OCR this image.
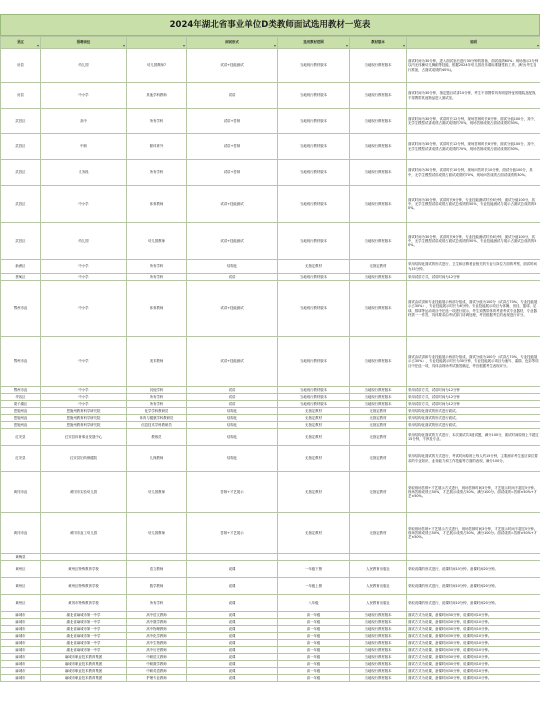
2024年湖北省事业单位D类教师面试选用教材一览表
县区	招聘岗位		面试形式	选用教材范围	教材版本	说明

房县	幼儿园	幼儿园教师7	试讲+技能测试	当地现行教材版本	当地现行教材版本	面试时间为30分钟，进入面试室后进行30分钟的准备，面试成绩60%；现场指示2分钟以内无体操幼儿舞蹈等技能，根据2024年幼儿园音乐课标准随堂收工作，满分(考生自行准备，占面试成绩的40%)。

房县	中小学	其他学科教师	试讲	当地现行教材版本	当地现行教材版本	面试时间为30分钟，指定题目试讲10分钟，考生不得携带具有明显特征的服装及配饰，不得携带其他物品进入面试室。

武昌区	高中	所有学科	试讲+答辩	当地现行教材版本	当地现行教材版本	面试时间为30分钟，试讲时长12分钟，现场答辩时长8分钟，面试分值100分，其中，无学生模型试讲成绩占面试成绩的70%，现场答辩成绩占面试成绩的30%。

武昌区	中职	除体育外	试讲+答辩	当地现行教材版本	当地现行教材版本	面试时间为30分钟，试讲时长12分钟，现场答辩时长8分钟，面试分值100分，其中，无学生模型试讲成绩占面试成绩的70%，现场答辩成绩占面试成绩的30%。

武昌区	义务段	所有学科	试讲+答辩	当地现行教材版本	当地现行教材版本	面试时间为30分钟，试讲时长10分钟，现场问答时长10分钟，面试分值100分，其中，无学生模型试讲成绩占面试成绩的70%，现场问答成绩占面试成绩的30%。

武昌区	中小学	体育教师	试讲+技能测试	当地现行教材版本	当地现行教材版本	面试时间为30分钟，试讲时长6分钟，专业技能测试时长6分钟，面试分值100分，其中，无学生模型试讲成绩占面试总成绩的50%，专业技能测试与展示占面试总成绩的50%。

武昌区	幼儿园	幼儿园教师	试讲+技能测试	当地现行教材版本	当地现行教材版本	面试时间为30分钟，试讲时长6分钟，专业技能测试时长6分钟，面试分值100分，其中，无学生模型试讲成绩占面试总成绩的50%，专业技能测试与展示占面试总成绩的50%。

新洲区	中小学	所有学科	结构化	无指定教材	无指定教材	采用结构化面试的形式进行，卫生和应聘者业相关的专业与岗位方面的考察，面试时间为15分钟。

蔡甸区	中小学	所有学科	试讲	当地现行教材版本	当地现行教材版本	采用试讲方式，试讲时间为12分钟

鄂州市直	中小学	体育教师	试讲+技能测试	当地现行教材版本	当地现行教材版本	面试由试讲和专业技能展示两部分组成，面试分值为100分（试讲占70%，专业技能展示占30%），专业技能展示时长为8分钟。专业技能展示项目为体操、田径、篮球、足球、排球等运动项目中任选一项进行展示，考生须携带体育考查考试专业器材，专业器材需一一作答，具体要求由考试部门协调处理，考官根据考生的表现进行评分。

鄂州市直	中小学	美术教师	试讲+技能测试	当地现行教材版本	当地现行教材版本	面试由试讲和专业技能展示两部分组成，面试分值为100分（试讲占70%，专业技能展示占30%），专业技能展示时长为30分钟，专业技能展示项目为速写、素描、色彩等项目中任选一项，具体由现场考试抽签确定，考官根据考生表现评分。

鄂州市直	中小学	其他学科	试讲	当地现行教材版本	当地现行教材版本	采用试讲方式，试讲时间为12分钟

华容区	中小学	所有学科	试讲	当地现行教材版本	当地现行教材版本	采用试讲方式，试讲时间为12分钟

梁子湖区	中小学	所有学科	试讲	当地现行教材版本	当地现行教材版本	采用试讲方式，试讲时间为12分钟

恩施州直	恩施州教育科学研究院	化学学科教研员	结构化	无指定教材	无指定教材	采用结构化面试的形式进行面试。

恩施州直	恩施州教育科学研究院	体育与健康学科教研员	结构化	无指定教材	无指定教材	采用结构化面试的形式进行面试。

恩施州直	恩施州教育科学研究院	信息技术学科教研员	结构化	无指定教材	无指定教材	采用结构化面试的形式进行面试。

红安县	红安县体育事业发展中心	教练员	结构化	无指定教材	无指定教材	采用结构化面试的方式进行，本次面试共3道试题，满分100分，面试时间原则上不超过15分钟，不涉及专业。

红安县	红安县妇幼保健院	儿保教师	结构化	无指定教材	无指定教材	采用结构化面试的方式进行，考试时间原则上每人约15分钟，主要测评考生适应岗位要求的专业知识、业务能力和工作技能等方面的表现，满分100分。

黄冈市直	黄冈市实验幼儿园	幼儿园教师	答辩+才艺展示	无指定教材	无指定教材	采取现场答辩+才艺展示方式进行，现场答辩时间3分钟，才艺展示时间不超过5分钟。现场答辩成绩占50%，才艺展示成绩占50%，满分100分。面试成绩=答辩×50%+才艺×50%。

黄冈市直	黄冈市直工幼儿园	幼儿园教师	答辩+才艺展示	无指定教材	无指定教材	采取现场答辩+才艺展示方式进行，现场答辩时间3分钟，才艺展示时间不超过5分钟。现场答辩成绩占50%，才艺展示成绩占50%，满分100分。面试成绩=答辩×50%+才艺×50%。

黄梅县						

黄州区	黄州区特殊教育学校	语文教师	说课	一年级下册	人民教育出版社	采取说课的形式进行，说课时间10分钟，备课时间20分钟。

黄州区	黄州区特殊教育学校	数学教师	说课	一年级上册	人民教育出版社	采取说课的形式进行，说课时间10分钟，备课时间20分钟。

黄州区	黄冈市特殊教育学校	所有学科	说课	八年级	人民教育出版社	采取说课的形式进行，说课时间10分钟，备课时间20分钟。

麻城市	湖北省麻城市第一中学	高中语文教师	说课	高一年级	当地现行教材版本	面试方式为说课，备课时间30分钟，说课时间10分钟。

麻城市	湖北省麻城市第一中学	高中数学教师	说课	高一年级	当地现行教材版本	面试方式为说课，备课时间30分钟，说课时间10分钟。

麻城市	湖北省麻城市第一中学	高中物理教师	说课	高一年级	当地现行教材版本	面试方式为说课，备课时间30分钟，说课时间10分钟。

麻城市	湖北省麻城市第一中学	高中化学教师	说课	高一年级	当地现行教材版本	面试方式为说课，备课时间30分钟，说课时间10分钟。

麻城市	湖北省麻城市第一中学	高中生物教师	说课	高一年级	当地现行教材版本	面试方式为说课，备课时间30分钟，说课时间10分钟。

麻城市	湖北省麻城市第一中学	高中历史教师	说课	高一年级	当地现行教材版本	面试方式为说课，备课时间30分钟，说课时间10分钟。

麻城市	麻城市职业技术教育集团	中职语文教师	说课	高一年级	当地现行教材版本	面试方式为说课，备课时间30分钟，说课时间10分钟。

麻城市	麻城市职业技术教育集团	中职数学教师	说课	高一年级	当地现行教材版本	面试方式为说课，备课时间30分钟，说课时间10分钟。

麻城市	麻城市职业技术教育集团	中职英语教师	说课	高一年级	当地现行教材版本	面试方式为说课，备课时间30分钟，说课时间10分钟。

麻城市	麻城市职业技术教育集团	护理专业教师	说课	高一年级	当地现行教材版本	面试方式为说课，备课时间30分钟，说课时间10分钟。
